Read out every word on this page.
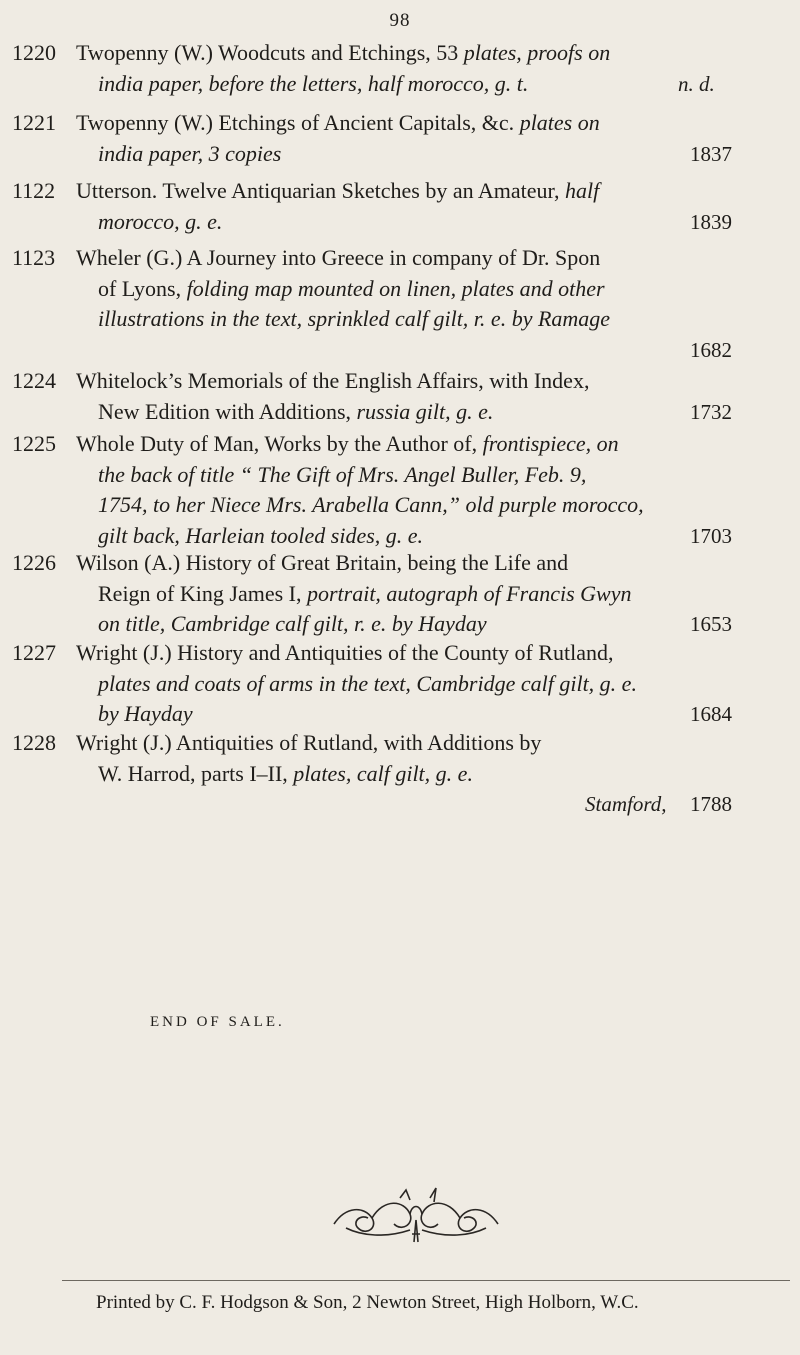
98
1220 Twopenny (W.) Woodcuts and Etchings, 53 plates, proofs on
india paper, before the letters, half morocco, g. t.	n. d.
1221 Twopenny (W.) Etchings of Ancient Capitals, &c. plates on
india paper, 3 copies	1837
1122 Utterson. Twelve Antiquarian Sketches by an Amateur, half
morocco, g. e.	1839
1123 Wheler (G.) A Journey into Greece in company of Dr. Spon
of Lyons, folding map mounted on linen, plates and other
illustrations in the text, sprinkled calf gilt, r. e. by Ramage
1682
1224 Whitelock’s Memorials of the English Affairs, with Index,
New Edition with Additions, russia gilt, g. e.	1732
1225 Whole Duty of Man, Works by the Author of, frontispiece, on
the back of title “ The Gift of Mrs. Angel Buller, Feb. 9,
1754, to her Niece Mrs. Arabella Cann,” old purple morocco,
gilt back, Harleian tooled sides, g. e.	1703
1226 Wilson (A.) History of Great Britain, being the Life and
Reign of King James I, portrait, autograph of Francis Gwyn
on title, Cambridge calf gilt, r. e. by Hayday	1653
1227 Wright (J.) History and Antiquities of the County of Rutland,
plates and coats of arms in the text, Cambridge calf gilt, g. e.
by Hayday	1684
1228 Wright (J.) Antiquities of Rutland, with Additions by
W. Harrod, parts I–II, plates, calf gilt, g. e.
Stamford, 1788
END OF SALE.
Printed by C. F. Hodgson & Son, 2 Newton Street, High Holborn, W.C.
